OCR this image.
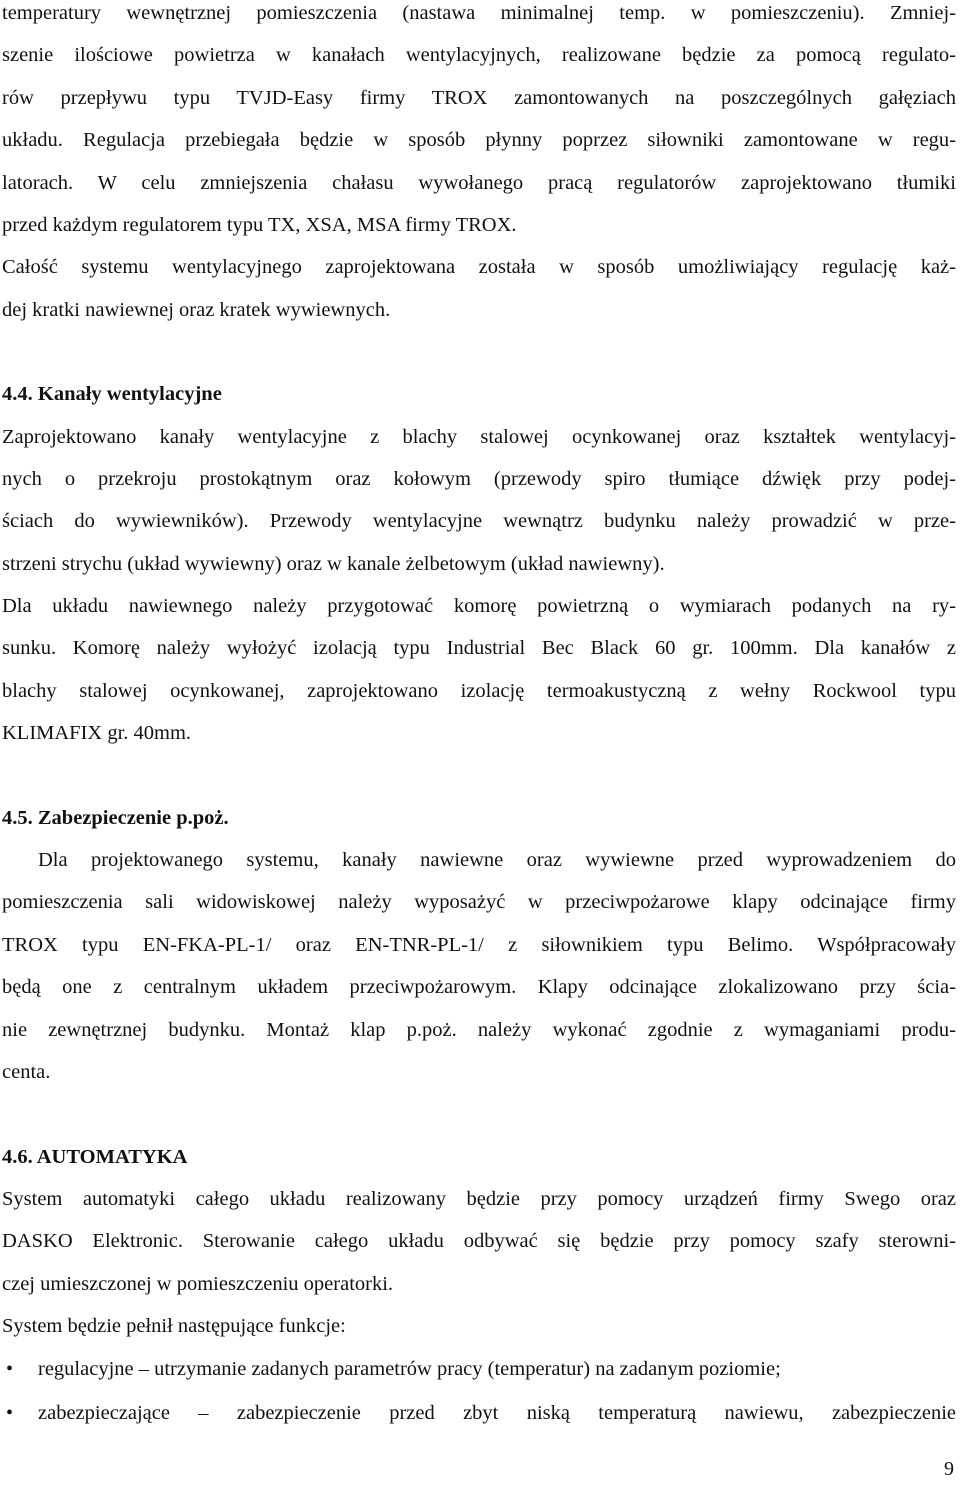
temperatury wewnętrznej pomieszczenia (nastawa minimalnej temp. w pomieszczeniu). Zmniej-
szenie ilościowe powietrza w kanałach wentylacyjnych, realizowane będzie za pomocą regulato-
rów przepływu typu TVJD-Easy firmy TROX zamontowanych na poszczególnych gałęziach
układu. Regulacja przebiegała będzie w sposób płynny poprzez siłowniki zamontowane w regu-
latorach. W celu zmniejszenia chałasu wywołanego pracą regulatorów zaprojektowano tłumiki
przed każdym regulatorem typu TX, XSA, MSA firmy TROX.
Całość systemu wentylacyjnego zaprojektowana została w sposób umożliwiający regulację każ-
dej kratki nawiewnej oraz kratek wywiewnych.
4.4. Kanały wentylacyjne
Zaprojektowano kanały wentylacyjne z blachy stalowej ocynkowanej oraz kształtek wentylacyj-
nych o przekroju prostokątnym oraz kołowym (przewody spiro tłumiące dźwięk przy podej-
ściach do wywiewników). Przewody wentylacyjne wewnątrz budynku należy prowadzić w prze-
strzeni strychu (układ wywiewny) oraz w kanale żelbetowym (układ nawiewny).
Dla układu nawiewnego należy przygotować komorę powietrzną o wymiarach podanych na ry-
sunku. Komorę należy wyłożyć izolacją typu Industrial Bec Black 60 gr. 100mm. Dla kanałów z
blachy stalowej ocynkowanej, zaprojektowano izolację termoakustyczną z wełny Rockwool typu
KLIMAFIX gr. 40mm.
4.5. Zabezpieczenie p.poż.
Dla projektowanego systemu, kanały nawiewne oraz wywiewne przed wyprowadzeniem do
pomieszczenia sali widowiskowej należy wyposażyć w przeciwpożarowe klapy odcinające firmy
TROX typu EN-FKA-PL-1/ oraz EN-TNR-PL-1/ z siłownikiem typu Belimo. Współpracowały
będą one z centralnym układem przeciwpożarowym. Klapy odcinające zlokalizowano przy ścia-
nie zewnętrznej budynku. Montaż klap p.poż. należy wykonać zgodnie z wymaganiami produ-
centa.
4.6. AUTOMATYKA
System automatyki całego układu realizowany będzie przy pomocy urządzeń firmy Swego oraz
DASKO Elektronic. Sterowanie całego układu odbywać się będzie przy pomocy szafy sterowni-
czej umieszczonej w pomieszczeniu operatorki.
System będzie pełnił następujące funkcje:
• regulacyjne – utrzymanie zadanych parametrów pracy (temperatur) na zadanym poziomie;
• zabezpieczające – zabezpieczenie przed zbyt niską temperaturą nawiewu, zabezpieczenie
9
